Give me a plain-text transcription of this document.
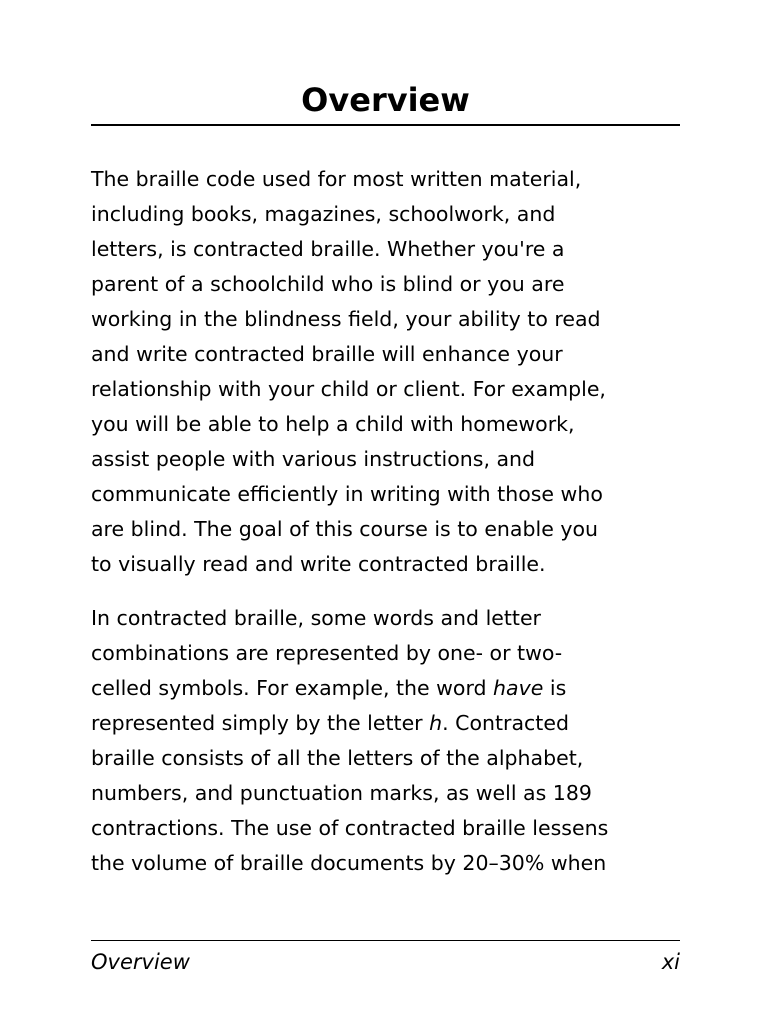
Overview

The braille code used for most written material,
including books, magazines, schoolwork, and
letters, is contracted braille. Whether you're a
parent of a schoolchild who is blind or you are
working in the blindness field, your ability to read
and write contracted braille will enhance your
relationship with your child or client. For example,
you will be able to help a child with homework,
assist people with various instructions, and
communicate efficiently in writing with those who
are blind. The goal of this course is to enable you
to visually read and write contracted braille.

In contracted braille, some words and letter
combinations are represented by one- or two-
celled symbols. For example, the word have is
represented simply by the letter h. Contracted
braille consists of all the letters of the alphabet,
numbers, and punctuation marks, as well as 189
contractions. The use of contracted braille lessens
the volume of braille documents by 20–30% when

Overview	xi
